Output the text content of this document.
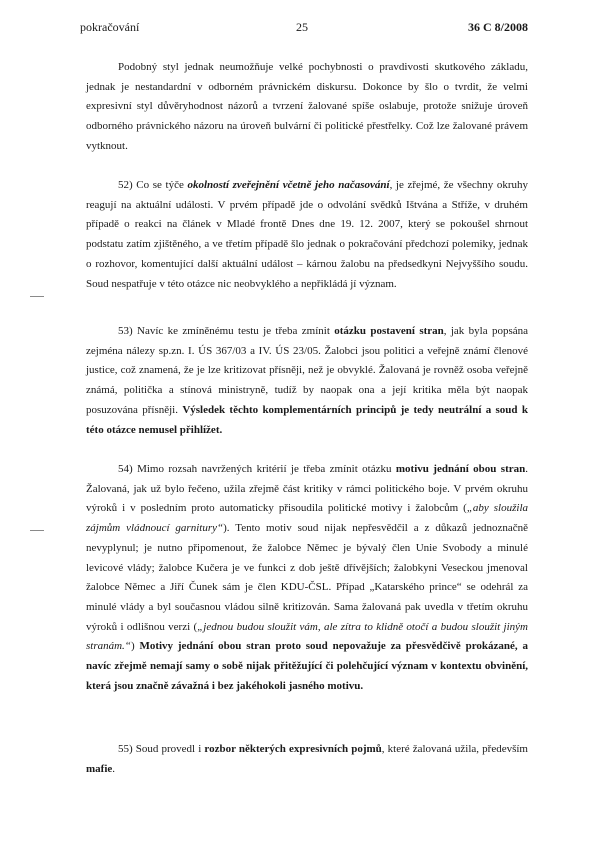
pokračování	25	36 C 8/2008

Podobný styl jednak neumožňuje velké pochybnosti o pravdivosti skutkového základu, jednak je nestandardní v odborném právnickém diskursu. Dokonce by šlo o tvrdit, že velmi expresivní styl důvěryhodnost názorů a tvrzení žalované spíše oslabuje, protože snižuje úroveň odborného právnického názoru na úroveň bulvární či politické přestřelky. Což lze žalované právem vytknout.

52) Co se týče okolností zveřejnění včetně jeho načasování, je zřejmé, že všechny okruhy reagují na aktuální události. V prvém případě jde o odvolání svědků Ištvána a Stříže, v druhém případě o reakci na článek v Mladé frontě Dnes dne 19. 12. 2007, který se pokoušel shrnout podstatu zatím zjištěného, a ve třetím případě šlo jednak o pokračování předchozí polemiky, jednak o rozhovor, komentující další aktuální událost – kárnou žalobu na předsedkyni Nejvyššího soudu. Soud nespatřuje v této otázce nic neobvyklého a nepřikládá jí význam.

53) Navíc ke zmíněnému testu je třeba zmínit otázku postavení stran, jak byla popsána zejména nálezy sp.zn. I. ÚS 367/03 a IV. ÚS 23/05. Žalobci jsou politici a veřejně známí členové justice, což znamená, že je lze kritizovat přísněji, než je obvyklé. Žalovaná je rovněž osoba veřejně známá, politička a stínová ministryně, tudíž by naopak ona a její kritika měla být naopak posuzována přísněji. Výsledek těchto komplementárních principů je tedy neutrální a soud k této otázce nemusel přihlížet.

54) Mimo rozsah navržených kritérií je třeba zmínit otázku motivu jednání obou stran. Žalovaná, jak už bylo řečeno, užila zřejmě část kritiky v rámci politického boje. V prvém okruhu výroků i v posledním proto automaticky přisoudila politické motivy i žalobcům („aby sloužila zájmům vládnoucí garnitury“). Tento motiv soud nijak nepřesvědčil a z důkazů jednoznačně nevyplynul; je nutno připomenout, že žalobce Němec je bývalý člen Unie Svobody a minulé levicové vlády; žalobce Kučera je ve funkci z dob ještě dřívějších; žalobkyni Veseckou jmenoval žalobce Němec a Jiří Čunek sám je člen KDU-ČSL. Případ „Katarského prince“ se odehrál za minulé vlády a byl současnou vládou silně kritizován. Sama žalovaná pak uvedla v třetím okruhu výroků i odlišnou verzi („jednou budou sloužit vám, ale zítra to klidně otočí a budou sloužit jiným stranám.“) Motivy jednání obou stran proto soud nepovažuje za přesvědčivě prokázané, a navíc zřejmě nemají samy o sobě nijak přitěžující či polehčující význam v kontextu obvinění, která jsou značně závažná i bez jakéhokoli jasného motivu.

55) Soud provedl i rozbor některých expresivních pojmů, které žalovaná užila, především mafie.
